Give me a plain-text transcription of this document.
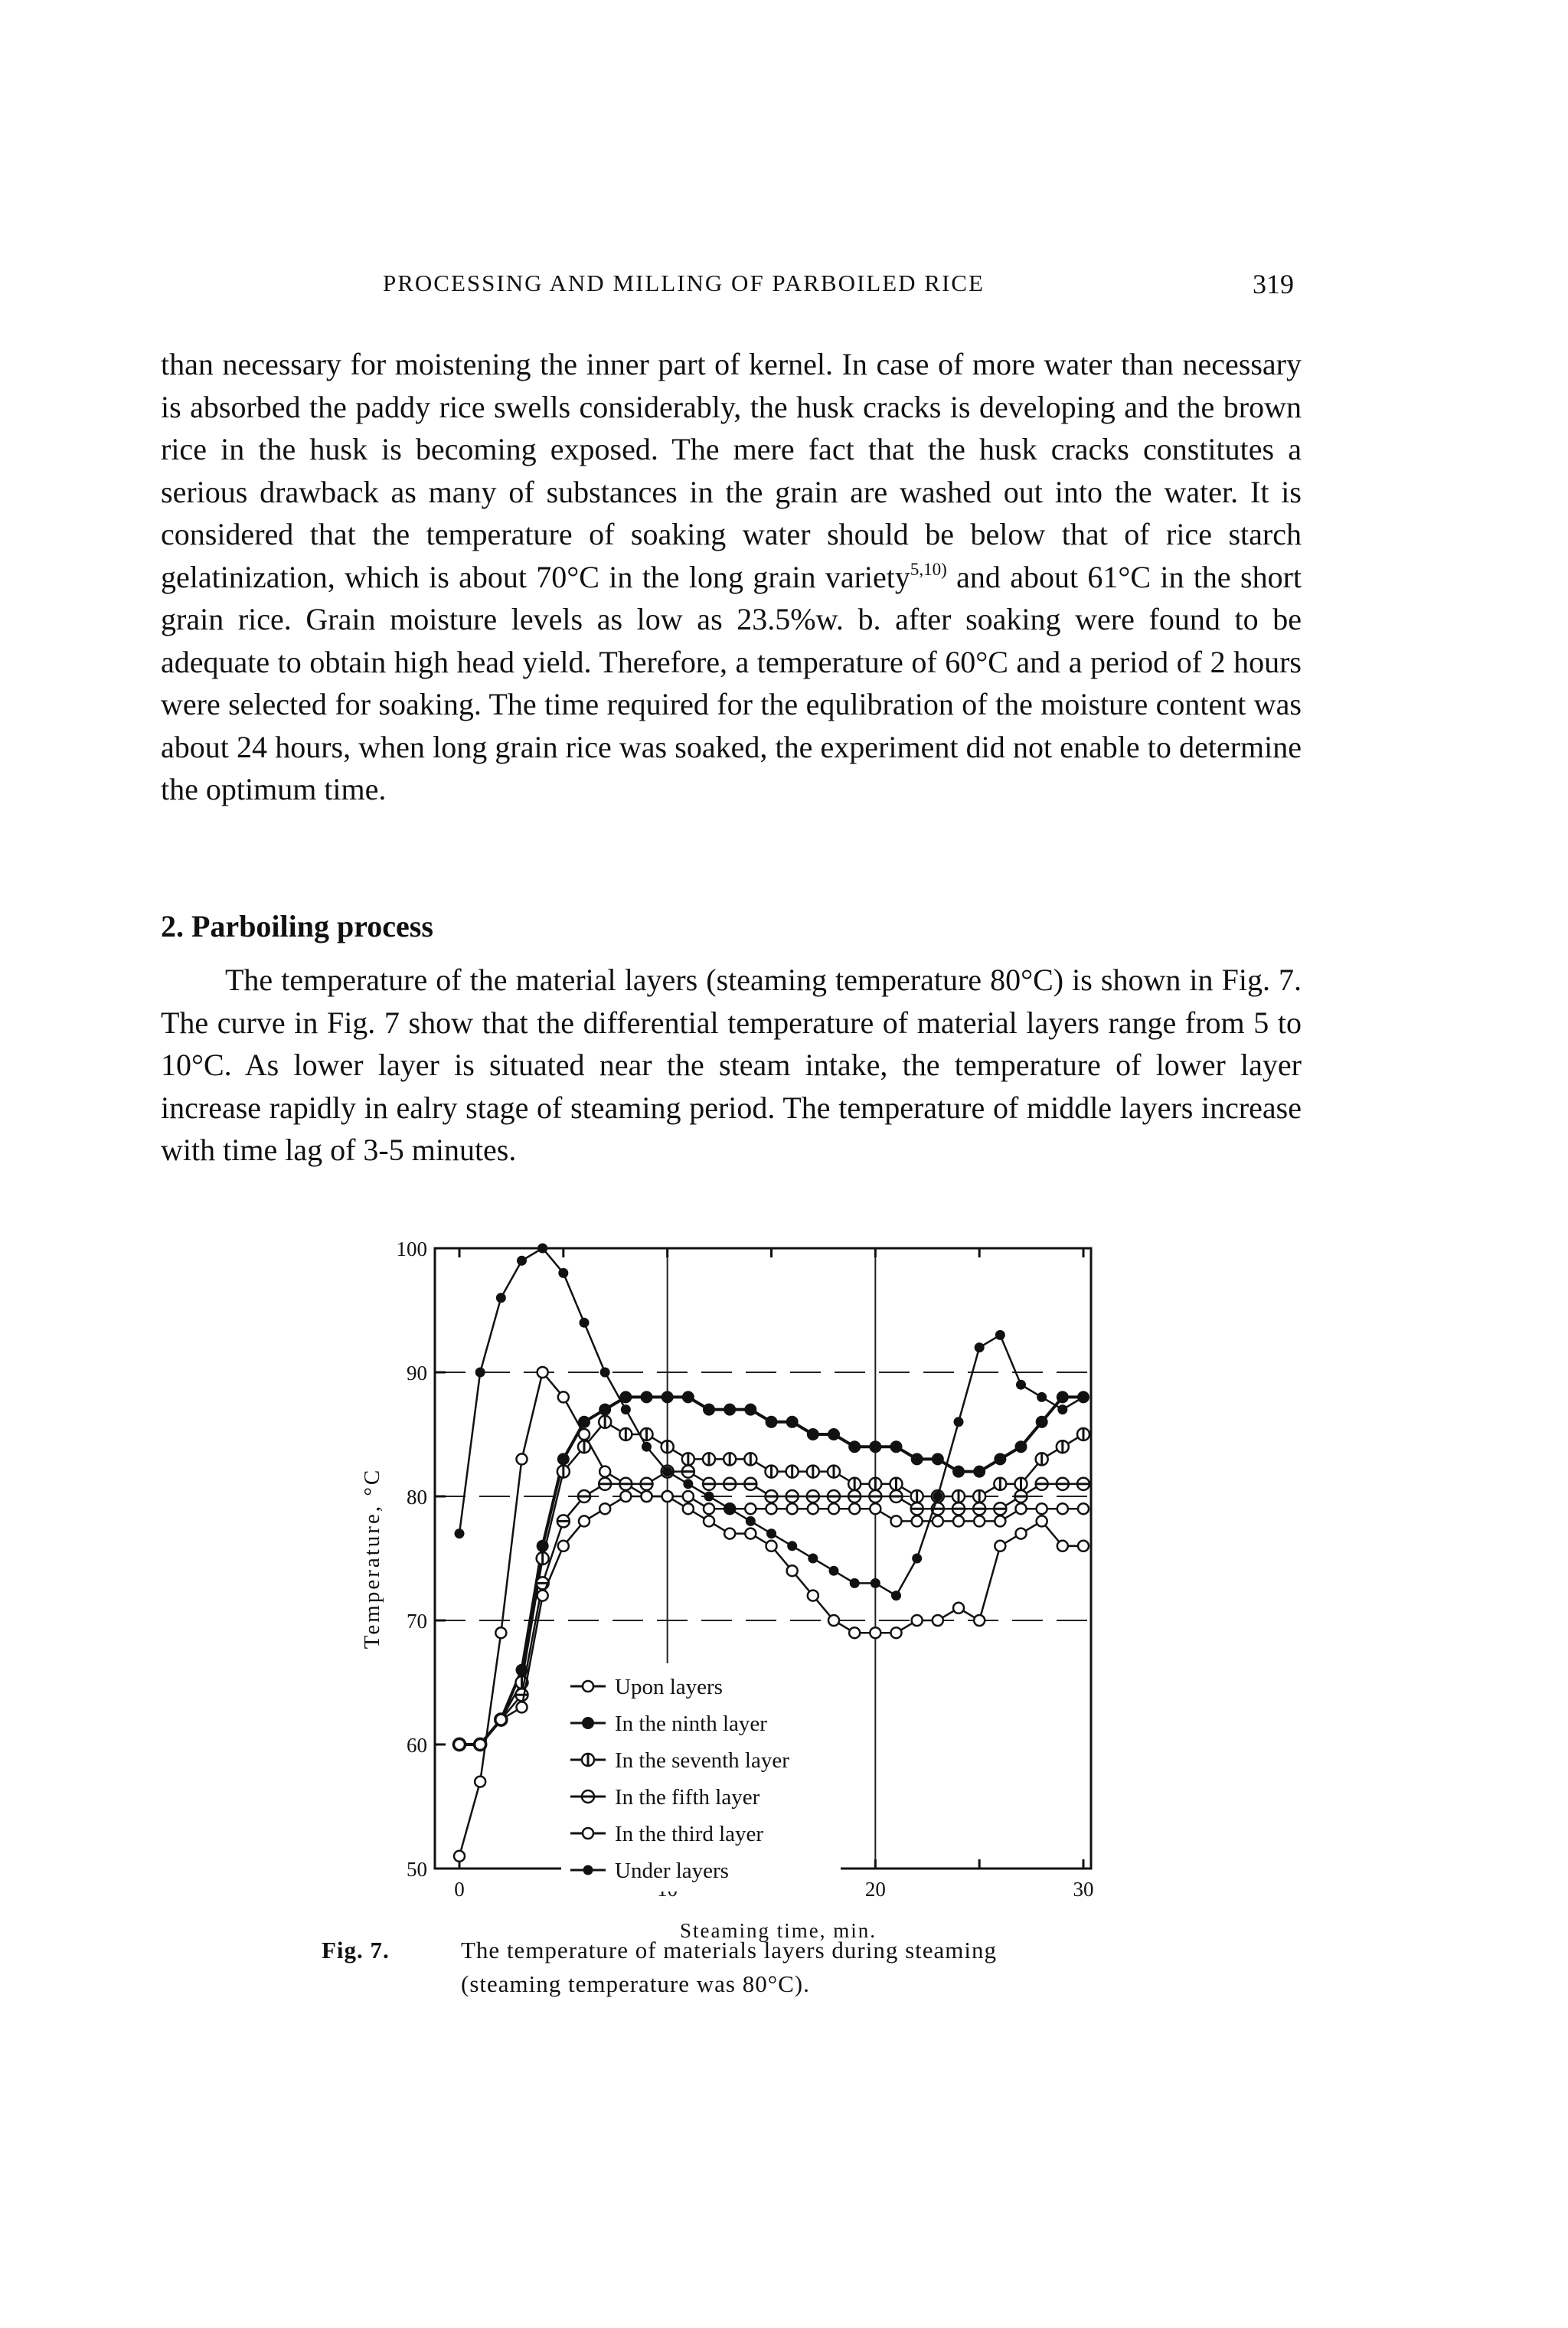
PROCESSING AND MILLING OF PARBOILED RICE	319

than necessary for moistening the inner part of kernel. In case of more water than necessary is absorbed the paddy rice swells considerably, the husk cracks is developing and the brown rice in the husk is becoming exposed. The mere fact that the husk cracks constitutes a serious drawback as many of substances in the grain are washed out into the water. It is considered that the temperature of soaking water should be below that of rice starch gelatinization, which is about 70°C in the long grain variety$^{5,10)}$ and about 61°C in the short grain rice. Grain moisture levels as low as 23.5%w. b. after soaking were found to be adequate to obtain high head yield. Therefore, a temperature of 60°C and a period of 2 hours were selected for soaking. The time required for the equlibration of the moisture content was about 24 hours, when long grain rice was soaked, the experiment did not enable to determine the optimum time.

2. Parboiling process

The temperature of the material layers (steaming temperature 80°C) is shown in Fig. 7. The curve in Fig. 7 show that the differential temperature of material layers range from 5 to 10°C. As lower layer is situated near the steam intake, the temperature of lower layer increase rapidly in ealry stage of steaming period. The temperature of middle layers increase with time lag of 3-5 minutes.

50
60
70
80
90
100
0	20	30
Steaming time, min.
Temperature, °C
Upon layers
In the ninth layer
In the seventh layer
In the fifth layer
In the third layer
Under layers
Fig. 7.	The temperature of materials layers during steaming
(steaming temperature was 80°C).
